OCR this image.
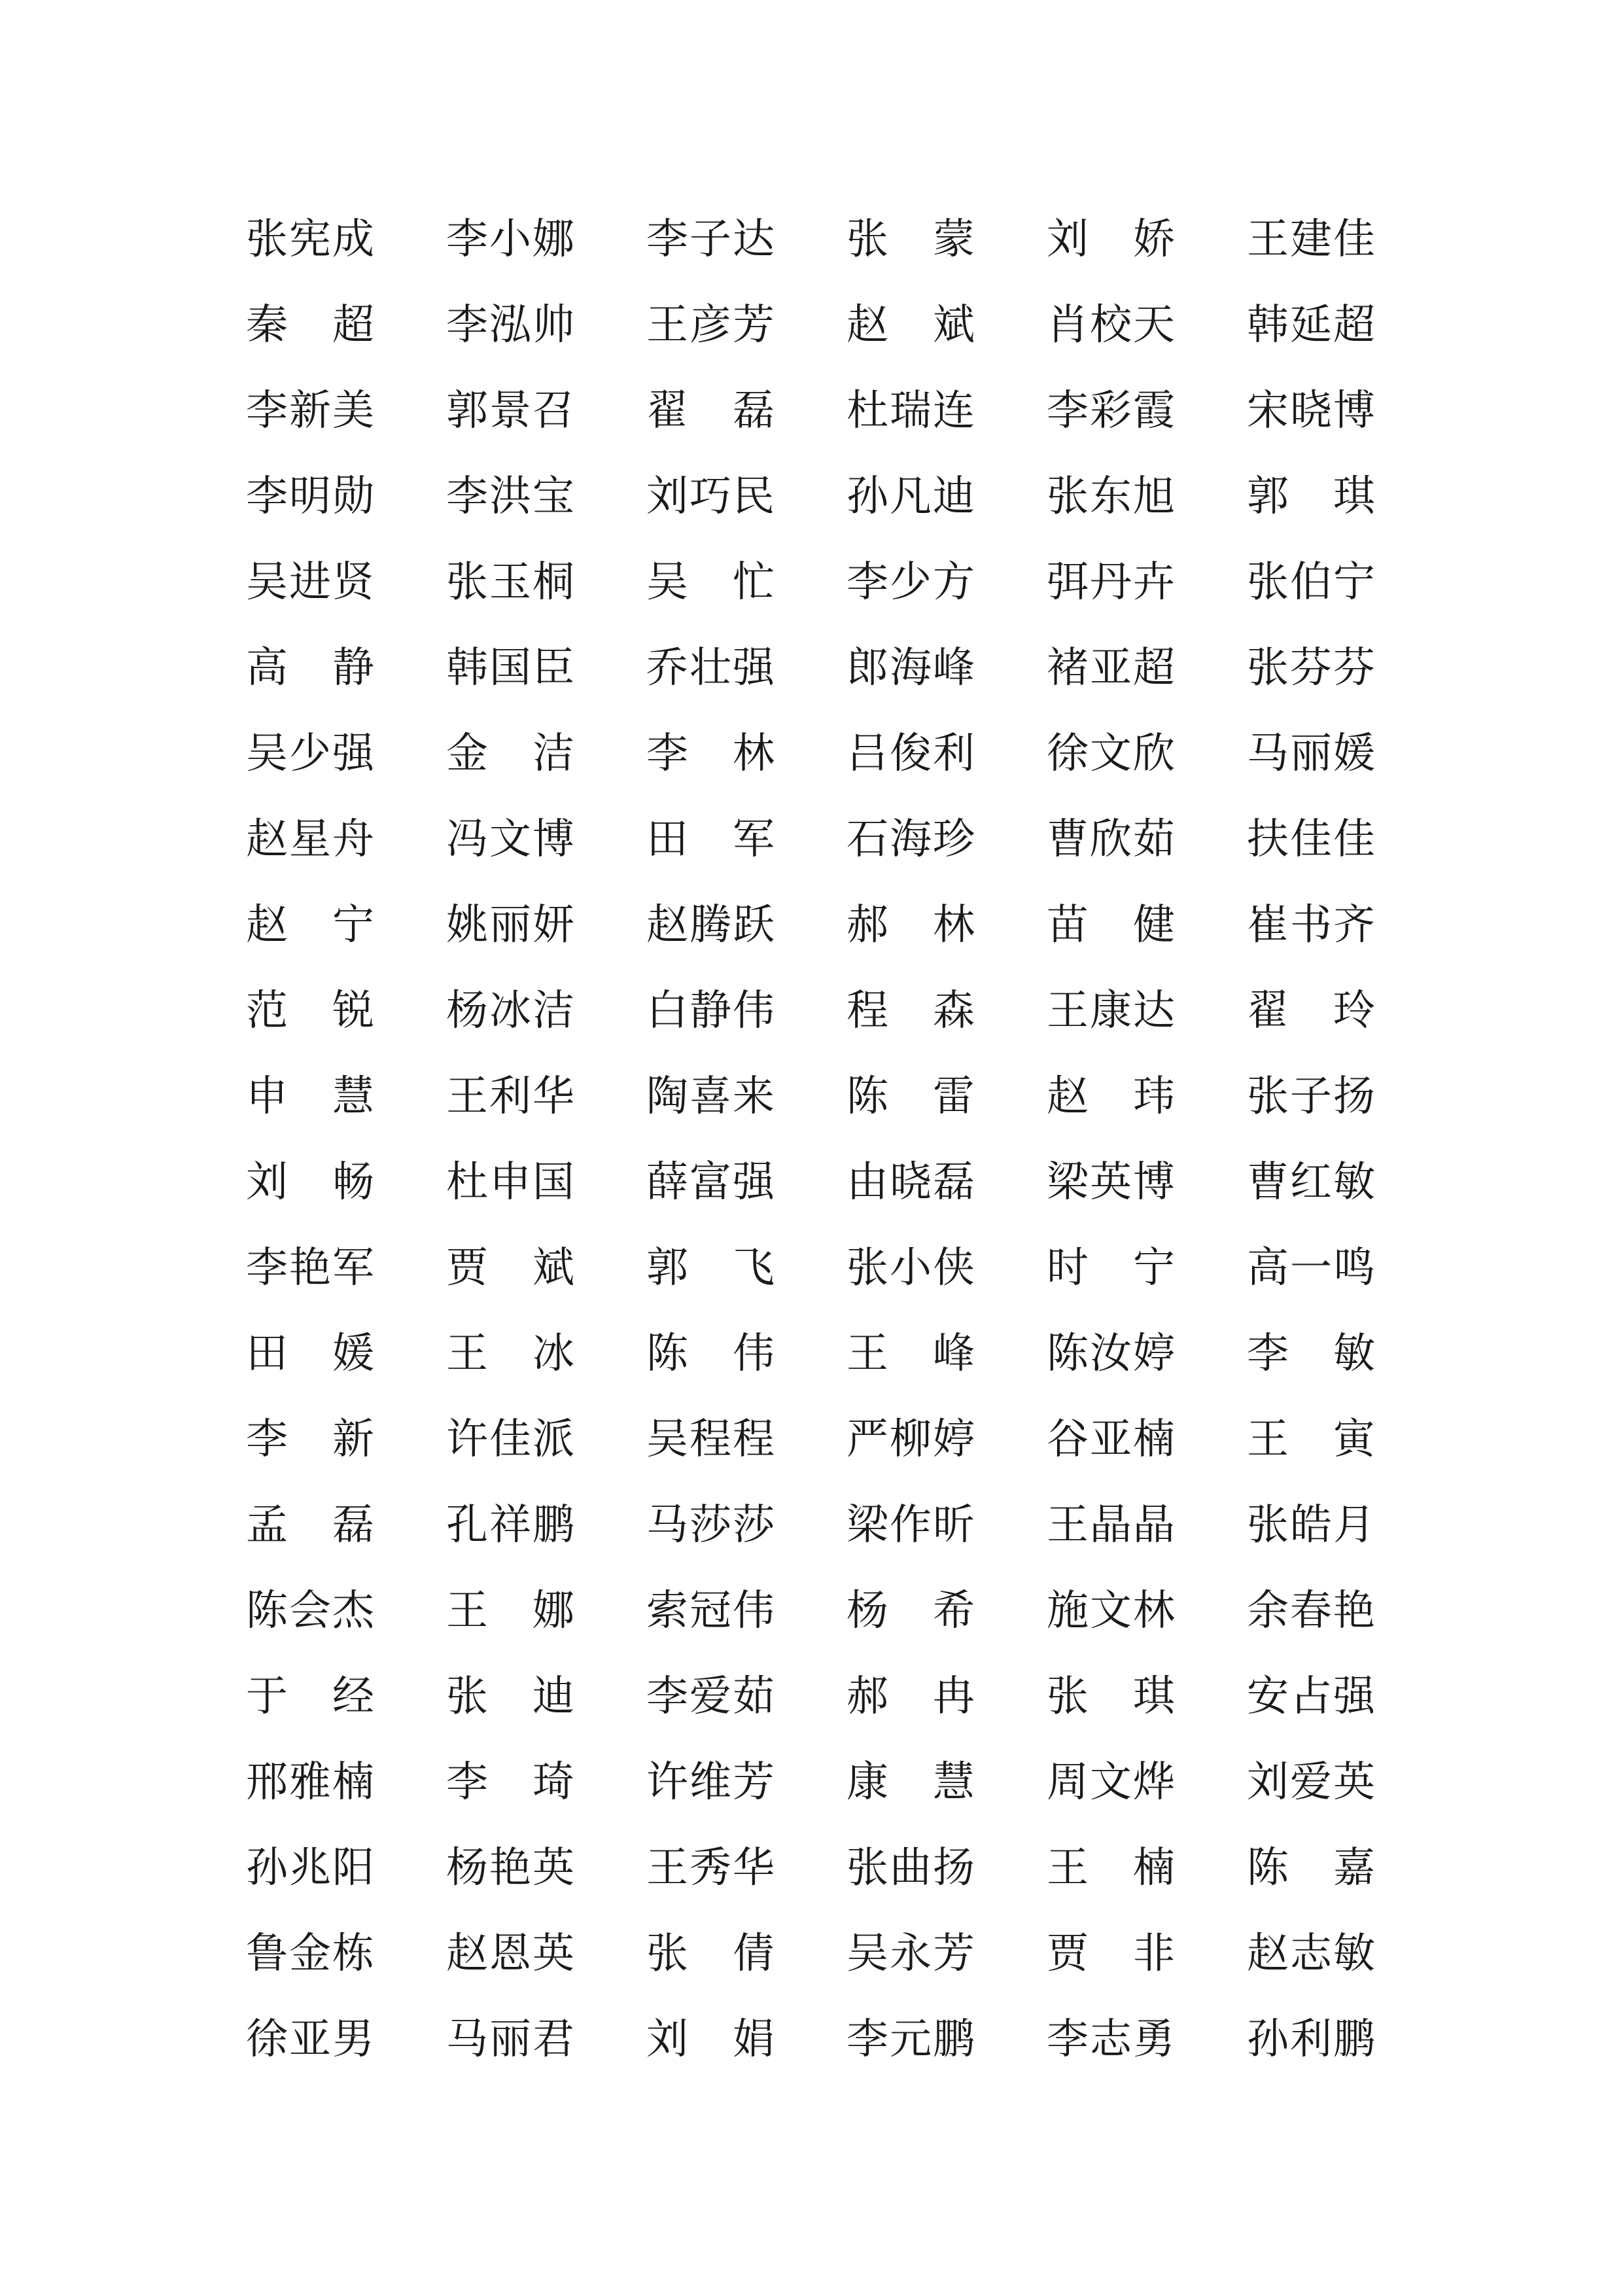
张 宪 成 李 小 娜 李 子 达 张 蒙 刘 娇 王 建 佳
秦 超 李 泓 帅 王 彦 芳 赵 斌 肖 校 天 韩 延 超
李 新 美 郭 景 召 翟 磊 杜 瑞 连 李 彩 霞 宋 晓 博
李 明 勋 李 洪 宝 刘 巧 民 孙 凡 迪 张 东 旭 郭 琪
吴 进 贤 张 玉 桐 吴 忙 李 少 方 弭 丹 卉 张 伯 宁
高 静 韩 国 臣 乔 壮 强 郎 海 峰 褚 亚 超 张 芬 芬
吴 少 强 金 洁 李 林 吕 俊 利 徐 文 欣 马 丽 媛
赵 星 舟 冯 文 博 田 军 石 海 珍 曹 欣 茹 扶 佳 佳
赵 宁 姚 丽 妍 赵 腾 跃 郝 林 苗 健 崔 书 齐
范 锐 杨 冰 洁 白 静 伟 程 森 王 康 达 翟 玲
申 慧 王 利 华 陶 喜 来 陈 雷 赵 玮 张 子 扬
刘 畅 杜 申 国 薛 富 强 由 晓 磊 梁 英 博 曹 红 敏
李 艳 军 贾 斌 郭 飞 张 小 侠 时 宁 高 一 鸣
田 媛 王 冰 陈 伟 王 峰 陈 汝 婷 李 敏
李 新 许 佳 派 吴 程 程 严 柳 婷 谷 亚 楠 王 寅
孟 磊 孔 祥 鹏 马 莎 莎 梁 作 昕 王 晶 晶 张 皓 月
陈 会 杰 王 娜 索 冠 伟 杨 希 施 文 林 余 春 艳
于 经 张 迪 李 爱 茹 郝 冉 张 琪 安 占 强
邢 雅 楠 李 琦 许 维 芳 康 慧 周 文 烨 刘 爱 英
孙 兆 阳 杨 艳 英 王 秀 华 张 曲 扬 王 楠 陈 嘉
鲁 金 栋 赵 恩 英 张 倩 吴 永 芳 贾 非 赵 志 敏
徐 亚 男 马 丽 君 刘 娟 李 元 鹏 李 志 勇 孙 利 鹏
